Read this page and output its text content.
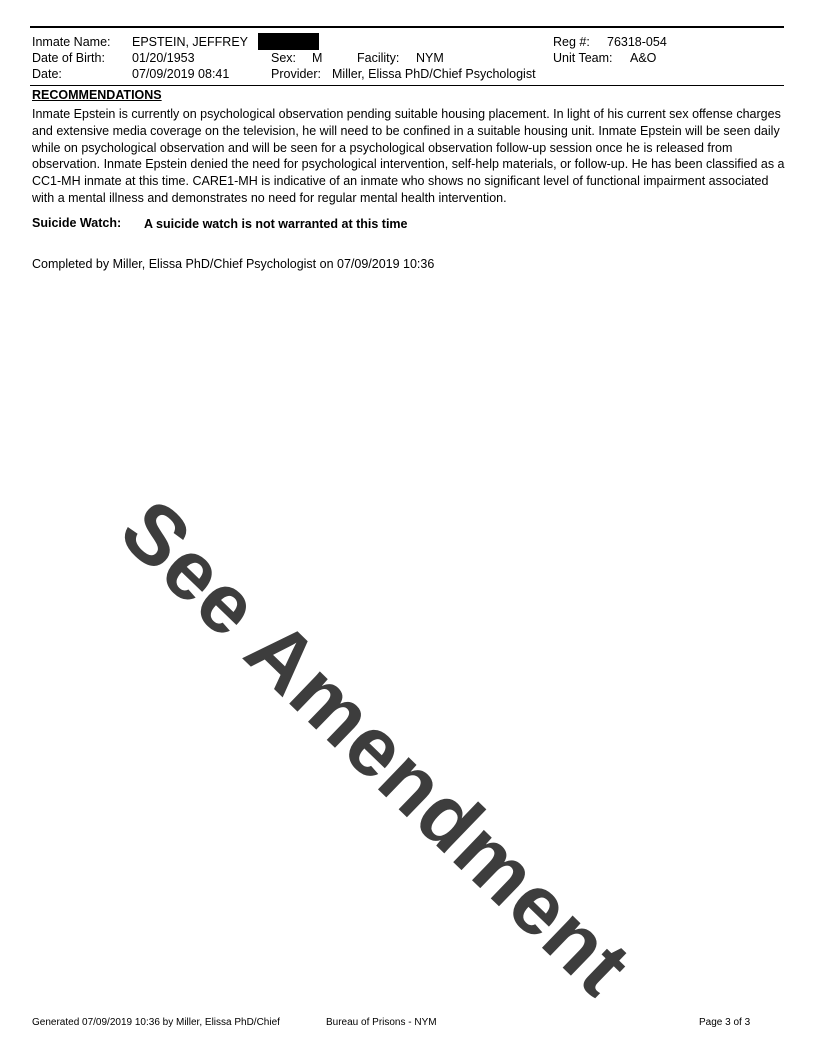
Inmate Name: EPSTEIN, JEFFREY	Reg #: 76318-054
Date of Birth: 01/20/1953	Sex: M	Facility: NYM	Unit Team: A&O
Date:	07/09/2019 08:41	Provider: Miller, Elissa PhD/Chief Psychologist
RECOMMENDATIONS
Inmate Epstein is currently on psychological observation pending suitable housing placement. In light of his current sex offense charges and extensive media coverage on the television, he will need to be confined in a suitable housing unit. Inmate Epstein will be seen daily while on psychological observation and will be seen for a psychological observation follow-up session once he is released from observation. Inmate Epstein denied the need for psychological intervention, self-help materials, or follow-up. He has been classified as a CC1-MH inmate at this time. CARE1-MH is indicative of an inmate who shows no significant level of functional impairment associated with a mental illness and demonstrates no need for regular mental health intervention.
Suicide Watch: A suicide watch is not warranted at this time
Completed by Miller, Elissa PhD/Chief Psychologist on 07/09/2019 10:36
See Amendment
Generated 07/09/2019 10:36 by Miller, Elissa PhD/Chief	Bureau of Prisons - NYM	Page 3 of 3
